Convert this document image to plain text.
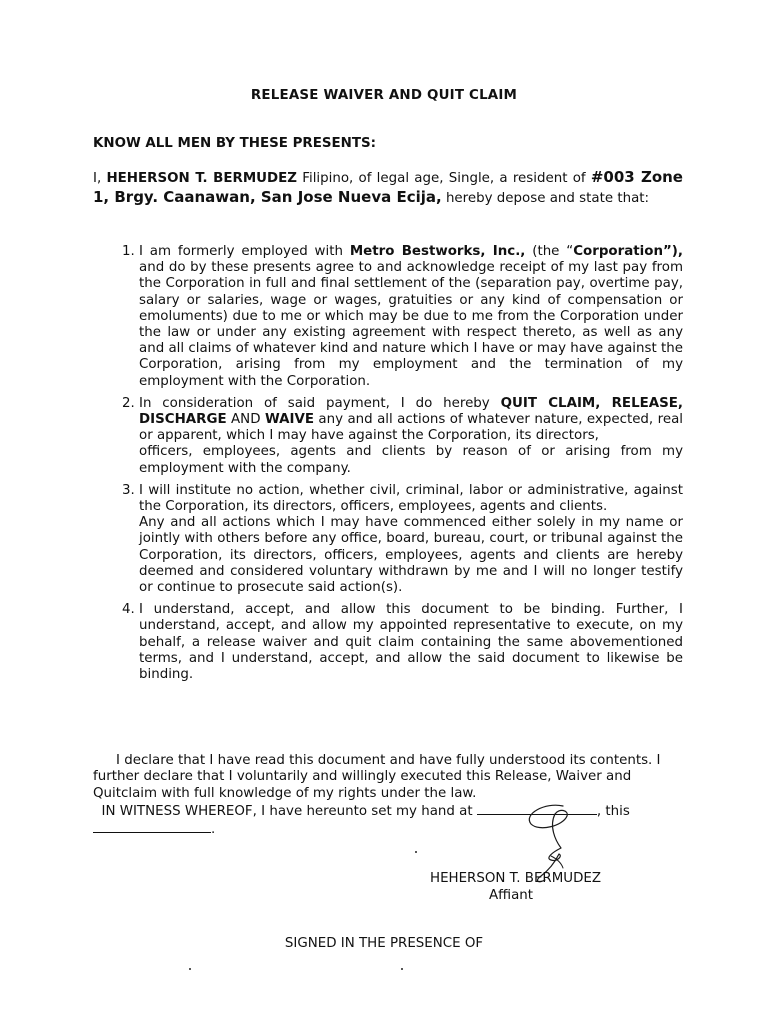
RELEASE WAIVER AND QUIT CLAIM
KNOW ALL MEN BY THESE PRESENTS:
I, HEHERSON T. BERMUDEZ Filipino, of legal age, Single, a resident of #003 Zone 1, Brgy. Caanawan, San Jose Nueva Ecija, hereby depose and state that:
1. I am formerly employed with Metro Bestworks, Inc., (the “Corporation”), and do by these presents agree to and acknowledge receipt of my last pay from the Corporation in full and final settlement of the (separation pay, overtime pay, salary or salaries, wage or wages, gratuities or any kind of compensation or emoluments) due to me or which may be due to me from the Corporation under the law or under any existing agreement with respect thereto, as well as any and all claims of whatever kind and nature which I have or may have against the Corporation, arising from my employment and the termination of my employment with the Corporation.
2. In consideration of said payment, I do hereby QUIT CLAIM, RELEASE, DISCHARGE AND WAIVE any and all actions of whatever nature, expected, real or apparent, which I may have against the Corporation, its directors,
officers, employees, agents and clients by reason of or arising from my employment with the company.
3. I will institute no action, whether civil, criminal, labor or administrative, against the Corporation, its directors, officers, employees, agents and clients.
Any and all actions which I may have commenced either solely in my name or jointly with others before any office, board, bureau, court, or tribunal against the Corporation, its directors, officers, employees, agents and clients are hereby deemed and considered voluntary withdrawn by me and I will no longer testify or continue to prosecute said action(s).
4. I understand, accept, and allow this document to be binding. Further, I understand, accept, and allow my appointed representative to execute, on my behalf, a release waiver and quit claim containing the same abovementioned terms, and I understand, accept, and allow the said document to likewise be binding.

I declare that I have read this document and have fully understood its contents. I further declare that I voluntarily and willingly executed this Release, Waiver and Quitclaim with full knowledge of my rights under the law.

IN WITNESS WHEREOF, I have hereunto set my hand at	, this
.
HEHERSON T. BERMUDEZ
Affiant
SIGNED IN THE PRESENCE OF
